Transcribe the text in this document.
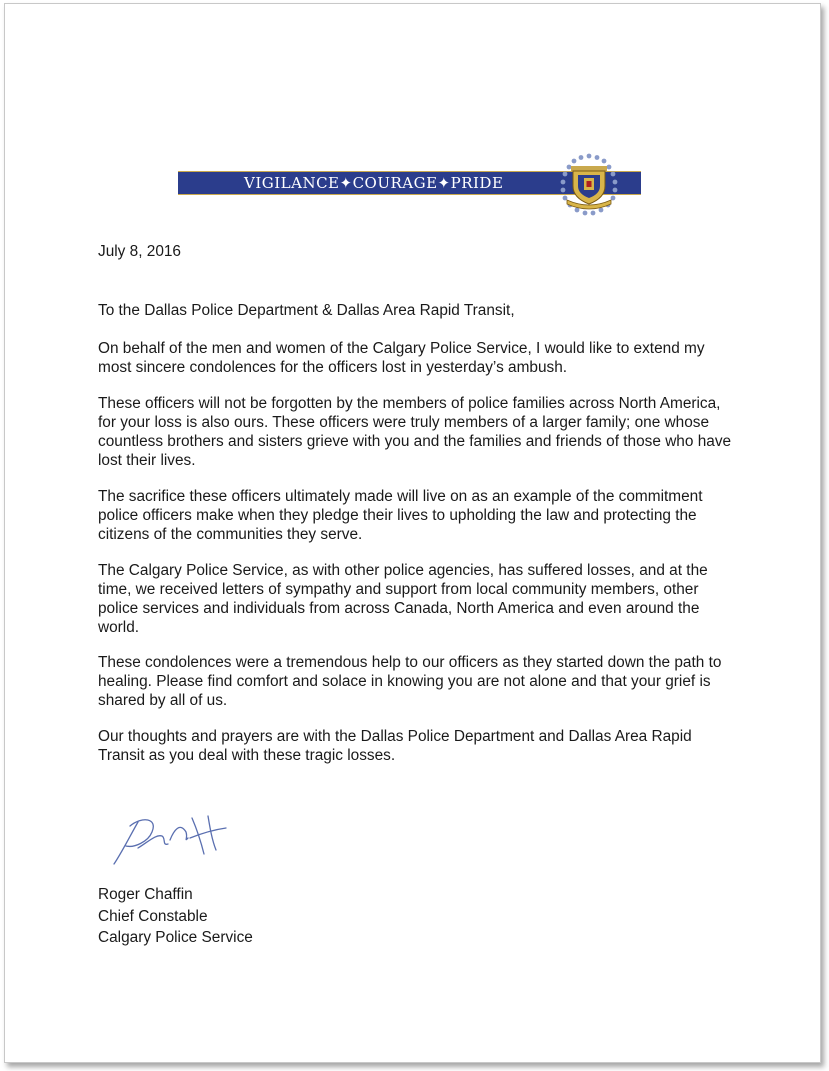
VIGILANCE✦COURAGE✦PRIDE

July 8, 2016

To the Dallas Police Department & Dallas Area Rapid Transit,

On behalf of the men and women of the Calgary Police Service, I would like to extend my most sincere condolences for the officers lost in yesterday’s ambush.

These officers will not be forgotten by the members of police families across North America, for your loss is also ours. These officers were truly members of a larger family; one whose countless brothers and sisters grieve with you and the families and friends of those who have lost their lives.

The sacrifice these officers ultimately made will live on as an example of the commitment police officers make when they pledge their lives to upholding the law and protecting the citizens of the communities they serve.

The Calgary Police Service, as with other police agencies, has suffered losses, and at the time, we received letters of sympathy and support from local community members, other police services and individuals from across Canada, North America and even around the world.

These condolences were a tremendous help to our officers as they started down the path to healing. Please find comfort and solace in knowing you are not alone and that your grief is shared by all of us.

Our thoughts and prayers are with the Dallas Police Department and Dallas Area Rapid Transit as you deal with these tragic losses.

Roger Chaffin
Chief Constable
Calgary Police Service
